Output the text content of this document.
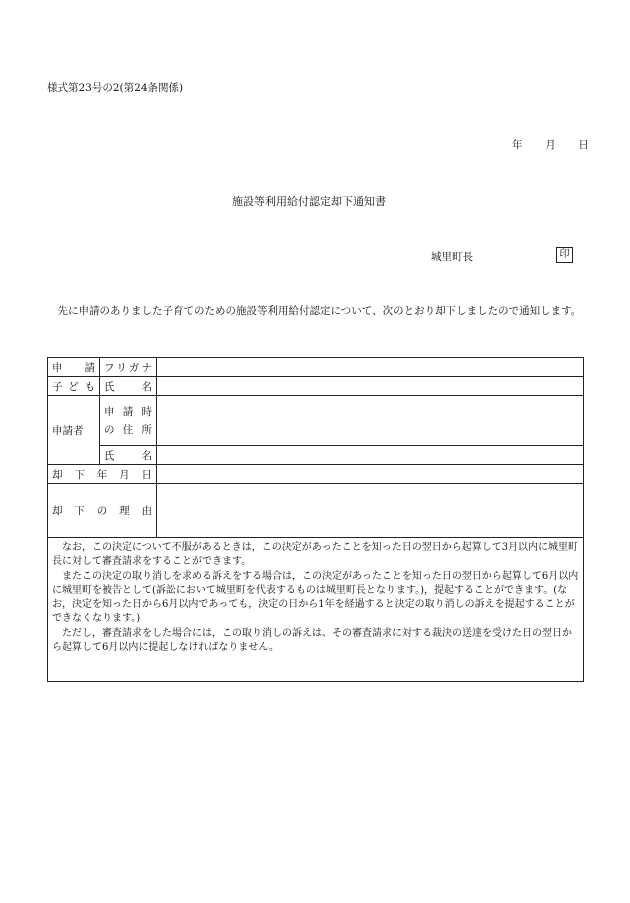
様式第23号の2(第24条関係)
年 月 日
施設等利用給付認定却下通知書
城里町長	印
先に申請のありました子育てのための施設等利用給付認定について、次のとおり却下しましたので通知します。
申　請	フリガナ	
子ども	氏　　名	
申請者	申 請 時
の 住 所	

	氏　　名	
却下年月日		
却下の理由		

なお，この決定について不服があるときは，この決定があったことを知った日の翌日から起算して3月以内に城里町長に対して審査請求をすることができます。

またこの決定の取り消しを求める訴えをする場合は，この決定があったことを知った日の翌日から起算して6月以内に城里町を被告として(訴訟において城里町を代表するものは城里町長となります。)，提起することができます。(なお，決定を知った日から6月以内であっても，決定の日から1年を経過すると決定の取り消しの訴えを提起することができなくなります。)

ただし，審査請求をした場合には，この取り消しの訴えは、その審査請求に対する裁決の送達を受けた日の翌日から起算して6月以内に提起しなければなりません。		
